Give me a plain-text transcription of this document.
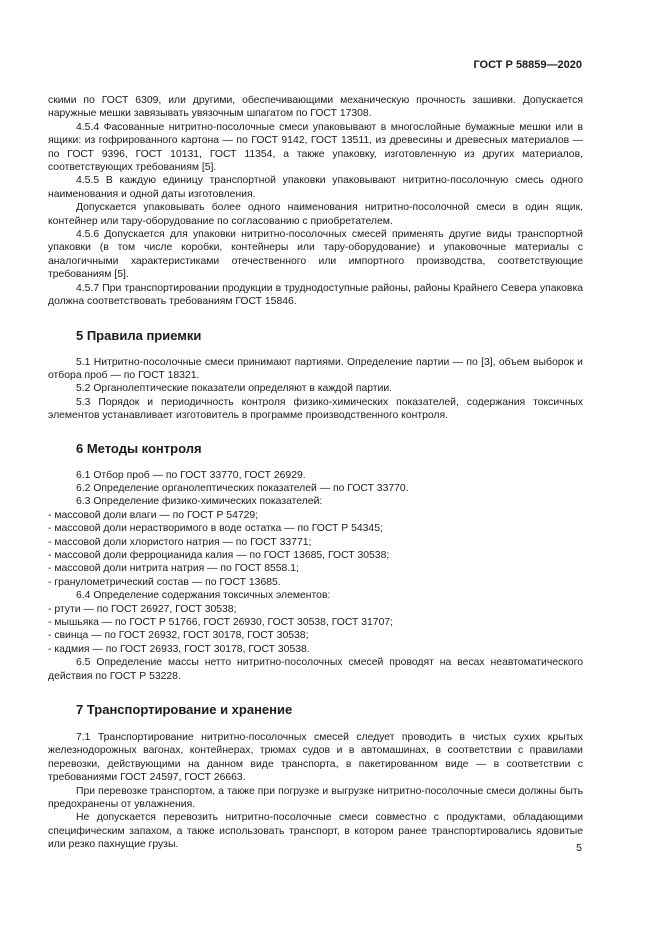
ГОСТ Р 58859—2020

скими по ГОСТ 6309, или другими, обеспечивающими механическую прочность зашивки. Допускается наружные мешки завязывать увязочным шпагатом по ГОСТ 17308.

4.5.4 Фасованные нитритно-посолочные смеси упаковывают в многослойные бумажные мешки или в ящики: из гофрированного картона — по ГОСТ 9142, ГОСТ 13511, из древесины и древесных материалов — по ГОСТ 9396, ГОСТ 10131, ГОСТ 11354, а также упаковку, изготовленную из других материалов, соответствующих требованиям [5].

4.5.5 В каждую единицу транспортной упаковки упаковывают нитритно-посолочную смесь одного наименования и одной даты изготовления.

Допускается упаковывать более одного наименования нитритно-посолочной смеси в один ящик, контейнер или тару-оборудование по согласованию с приобретателем.

4.5.6 Допускается для упаковки нитритно-посолочных смесей применять другие виды транспортной упаковки (в том числе коробки, контейнеры или тару-оборудование) и упаковочные материалы с аналогичными характеристиками отечественного или импортного производства, соответствующие требованиям [5].

4.5.7 При транспортировании продукции в труднодоступные районы, районы Крайнего Севера упаковка должна соответствовать требованиям ГОСТ 15846.

5 Правила приемки

5.1 Нитритно-посолочные смеси принимают партиями. Определение партии — по [3], объем выборок и отбора проб — по ГОСТ 18321.

5.2 Органолептические показатели определяют в каждой партии.

5.3 Порядок и периодичность контроля физико-химических показателей, содержания токсичных элементов устанавливает изготовитель в программе производственного контроля.

6 Методы контроля
6.1 Отбор проб — по ГОСТ 33770, ГОСТ 26929.
6.2 Определение органолептических показателей — по ГОСТ 33770.
6.3 Определение физико-химических показателей:
- массовой доли влаги — по ГОСТ Р 54729;
- массовой доли нерастворимого в воде остатка — по ГОСТ Р 54345;
- массовой доли хлористого натрия — по ГОСТ 33771;
- массовой доли ферроцианида калия — по ГОСТ 13685, ГОСТ 30538;
- массовой доли нитрита натрия — по ГОСТ 8558.1;
- гранулометрический состав — по ГОСТ 13685.
6.4 Определение содержания токсичных элементов:
- ртути — по ГОСТ 26927, ГОСТ 30538;
- мышьяка — по ГОСТ Р 51766, ГОСТ 26930, ГОСТ 30538, ГОСТ 31707;
- свинца — по ГОСТ 26932, ГОСТ 30178, ГОСТ 30538;
- кадмия — по ГОСТ 26933, ГОСТ 30178, ГОСТ 30538.

6.5 Определение массы нетто нитритно-посолочных смесей проводят на весах неавтоматического действия по ГОСТ Р 53228.

7 Транспортирование и хранение

7.1 Транспортирование нитритно-посолочных смесей следует проводить в чистых сухих крытых железнодорожных вагонах, контейнерах, трюмах судов и в автомашинах, в соответствии с правилами перевозки, действующими на данном виде транспорта, в пакетированном виде — в соответствии с требованиями ГОСТ 24597, ГОСТ 26663.

При перевозке транспортом, а также при погрузке и выгрузке нитритно-посолочные смеси должны быть предохранены от увлажнения.

Не допускается перевозить нитритно-посолочные смеси совместно с продуктами, обладающими специфическим запахом, а также использовать транспорт, в котором ранее транспортировались ядовитые или резко пахнущие грузы.	5
